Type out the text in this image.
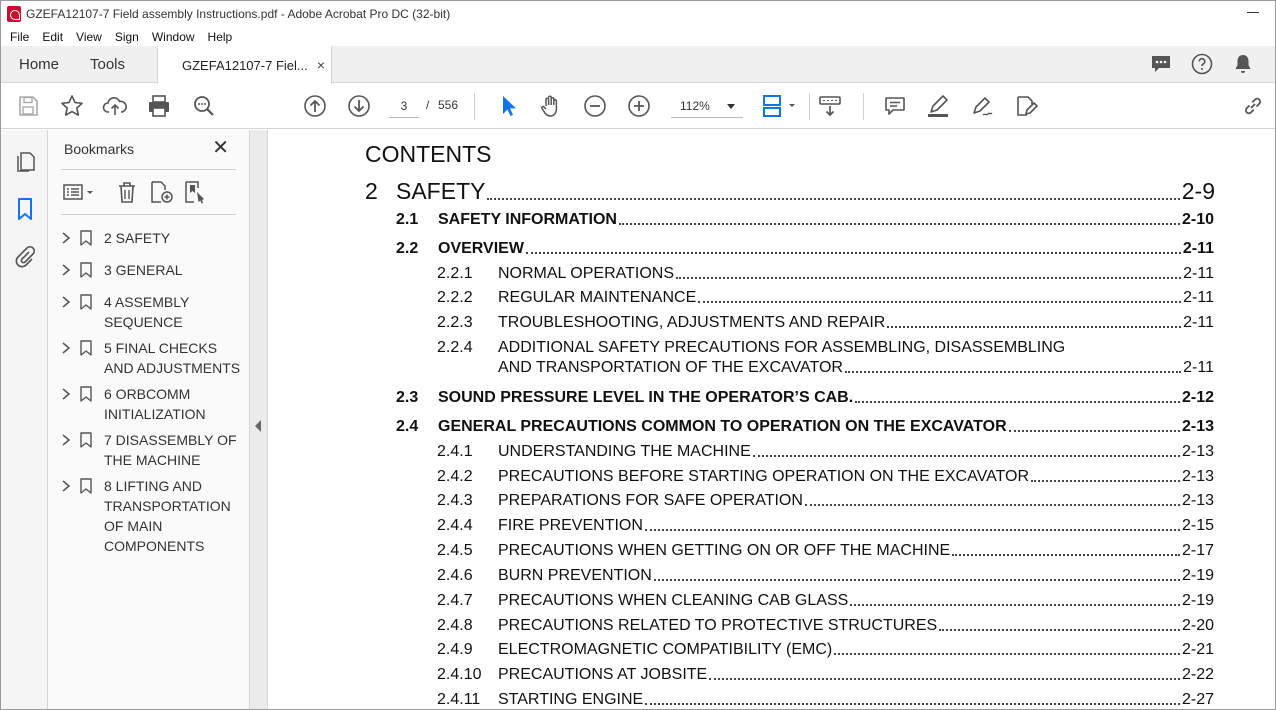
GZEFA12107-7 Field assembly Instructions.pdf - Adobe Acrobat Pro DC (32-bit)
File Edit View Sign Window Help
Home Tools	GZEFA12107-7 Fiel... ×
3
/ 556	112%
Bookmarks	✕
2 SAFETY
3 GENERAL
4 ASSEMBLY SEQUENCE
5 FINAL CHECKS AND ADJUSTMENTS
6 ORBCOMM INITIALIZATION
7 DISASSEMBLY OF THE MACHINE
8 LIFTING AND TRANSPORTATION OF MAIN COMPONENTS
CONTENTS
2 SAFETY	2-9
2.1	SAFETY INFORMATION	2-10
2.2	OVERVIEW	2-11
2.2.1	NORMAL OPERATIONS	2-11
2.2.2	REGULAR MAINTENANCE	2-11
2.2.3	TROUBLESHOOTING, ADJUSTMENTS AND REPAIR	2-11
2.2.4	ADDITIONAL SAFETY PRECAUTIONS FOR ASSEMBLING, DISASSEMBLING
AND TRANSPORTATION OF THE EXCAVATOR	2-11
2.3	SOUND PRESSURE LEVEL IN THE OPERATOR’S CAB.	2-12
2.4	GENERAL PRECAUTIONS COMMON TO OPERATION ON THE EXCAVATOR	2-13
2.4.1	UNDERSTANDING THE MACHINE	2-13
2.4.2	PRECAUTIONS BEFORE STARTING OPERATION ON THE EXCAVATOR	2-13
2.4.3	PREPARATIONS FOR SAFE OPERATION	2-13
2.4.4	FIRE PREVENTION	2-15
2.4.5	PRECAUTIONS WHEN GETTING ON OR OFF THE MACHINE	2-17
2.4.6	BURN PREVENTION	2-19
2.4.7	PRECAUTIONS WHEN CLEANING CAB GLASS	2-19
2.4.8	PRECAUTIONS RELATED TO PROTECTIVE STRUCTURES	2-20
2.4.9	ELECTROMAGNETIC COMPATIBILITY (EMC)	2-21
2.4.10	PRECAUTIONS AT JOBSITE	2-22
2.4.11	STARTING ENGINE	2-27
